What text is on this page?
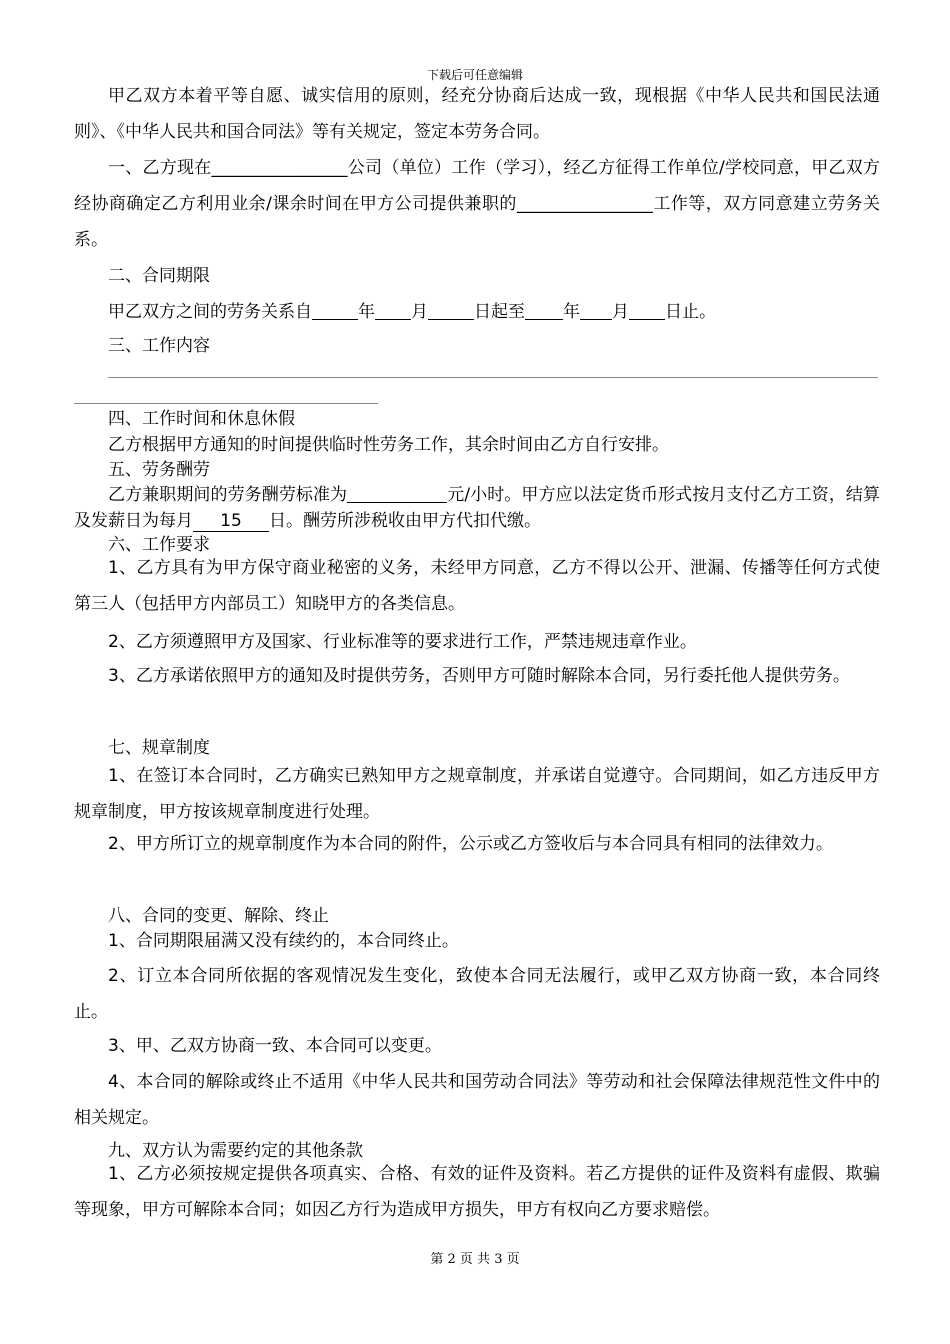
下载后可任意编辑

甲乙双方本着平等自愿、诚实信用的原则，经充分协商后达成一致，现根据《中华人民共和国民法通则》、《中华人民共和国合同法》等有关规定，签定本劳务合同。

一、乙方现在________________公司（单位）工作（学习），经乙方征得工作单位/学校同意，甲乙双方经协商确定乙方利用业余/课余时间在甲方公司提供兼职的________________工作等，双方同意建立劳务关系。

二、合同期限

甲乙双方之间的劳务关系自	年 月	日起至 年 月 日止。

三、工作内容

四、工作时间和休息休假

乙方根据甲方通知的时间提供临时性劳务工作，其余时间由乙方自行安排。

五、劳务酬劳

乙方兼职期间的劳务酬劳标准为	元/小时。甲方应以法定货币形式按月支付乙方工资，结算及发薪日为每月 15 日。酬劳所涉税收由甲方代扣代缴。

六、工作要求

1、乙方具有为甲方保守商业秘密的义务，未经甲方同意，乙方不得以公开、泄漏、传播等任何方式使第三人（包括甲方内部员工）知晓甲方的各类信息。

2、乙方须遵照甲方及国家、行业标准等的要求进行工作，严禁违规违章作业。

3、乙方承诺依照甲方的通知及时提供劳务，否则甲方可随时解除本合同，另行委托他人提供劳务。

七、规章制度

1、在签订本合同时，乙方确实已熟知甲方之规章制度，并承诺自觉遵守。合同期间，如乙方违反甲方规章制度，甲方按该规章制度进行处理。

2、甲方所订立的规章制度作为本合同的附件，公示或乙方签收后与本合同具有相同的法律效力。

八、合同的变更、解除、终止

1、合同期限届满又没有续约的，本合同终止。

2、订立本合同所依据的客观情况发生变化，致使本合同无法履行，或甲乙双方协商一致，本合同终止。

3、甲、乙双方协商一致、本合同可以变更。

4、本合同的解除或终止不适用《中华人民共和国劳动合同法》等劳动和社会保障法律规范性文件中的相关规定。

九、双方认为需要约定的其他条款

1、乙方必须按规定提供各项真实、合格、有效的证件及资料。若乙方提供的证件及资料有虚假、欺骗等现象，甲方可解除本合同；如因乙方行为造成甲方损失，甲方有权向乙方要求赔偿。

第 2 页 共 3 页
